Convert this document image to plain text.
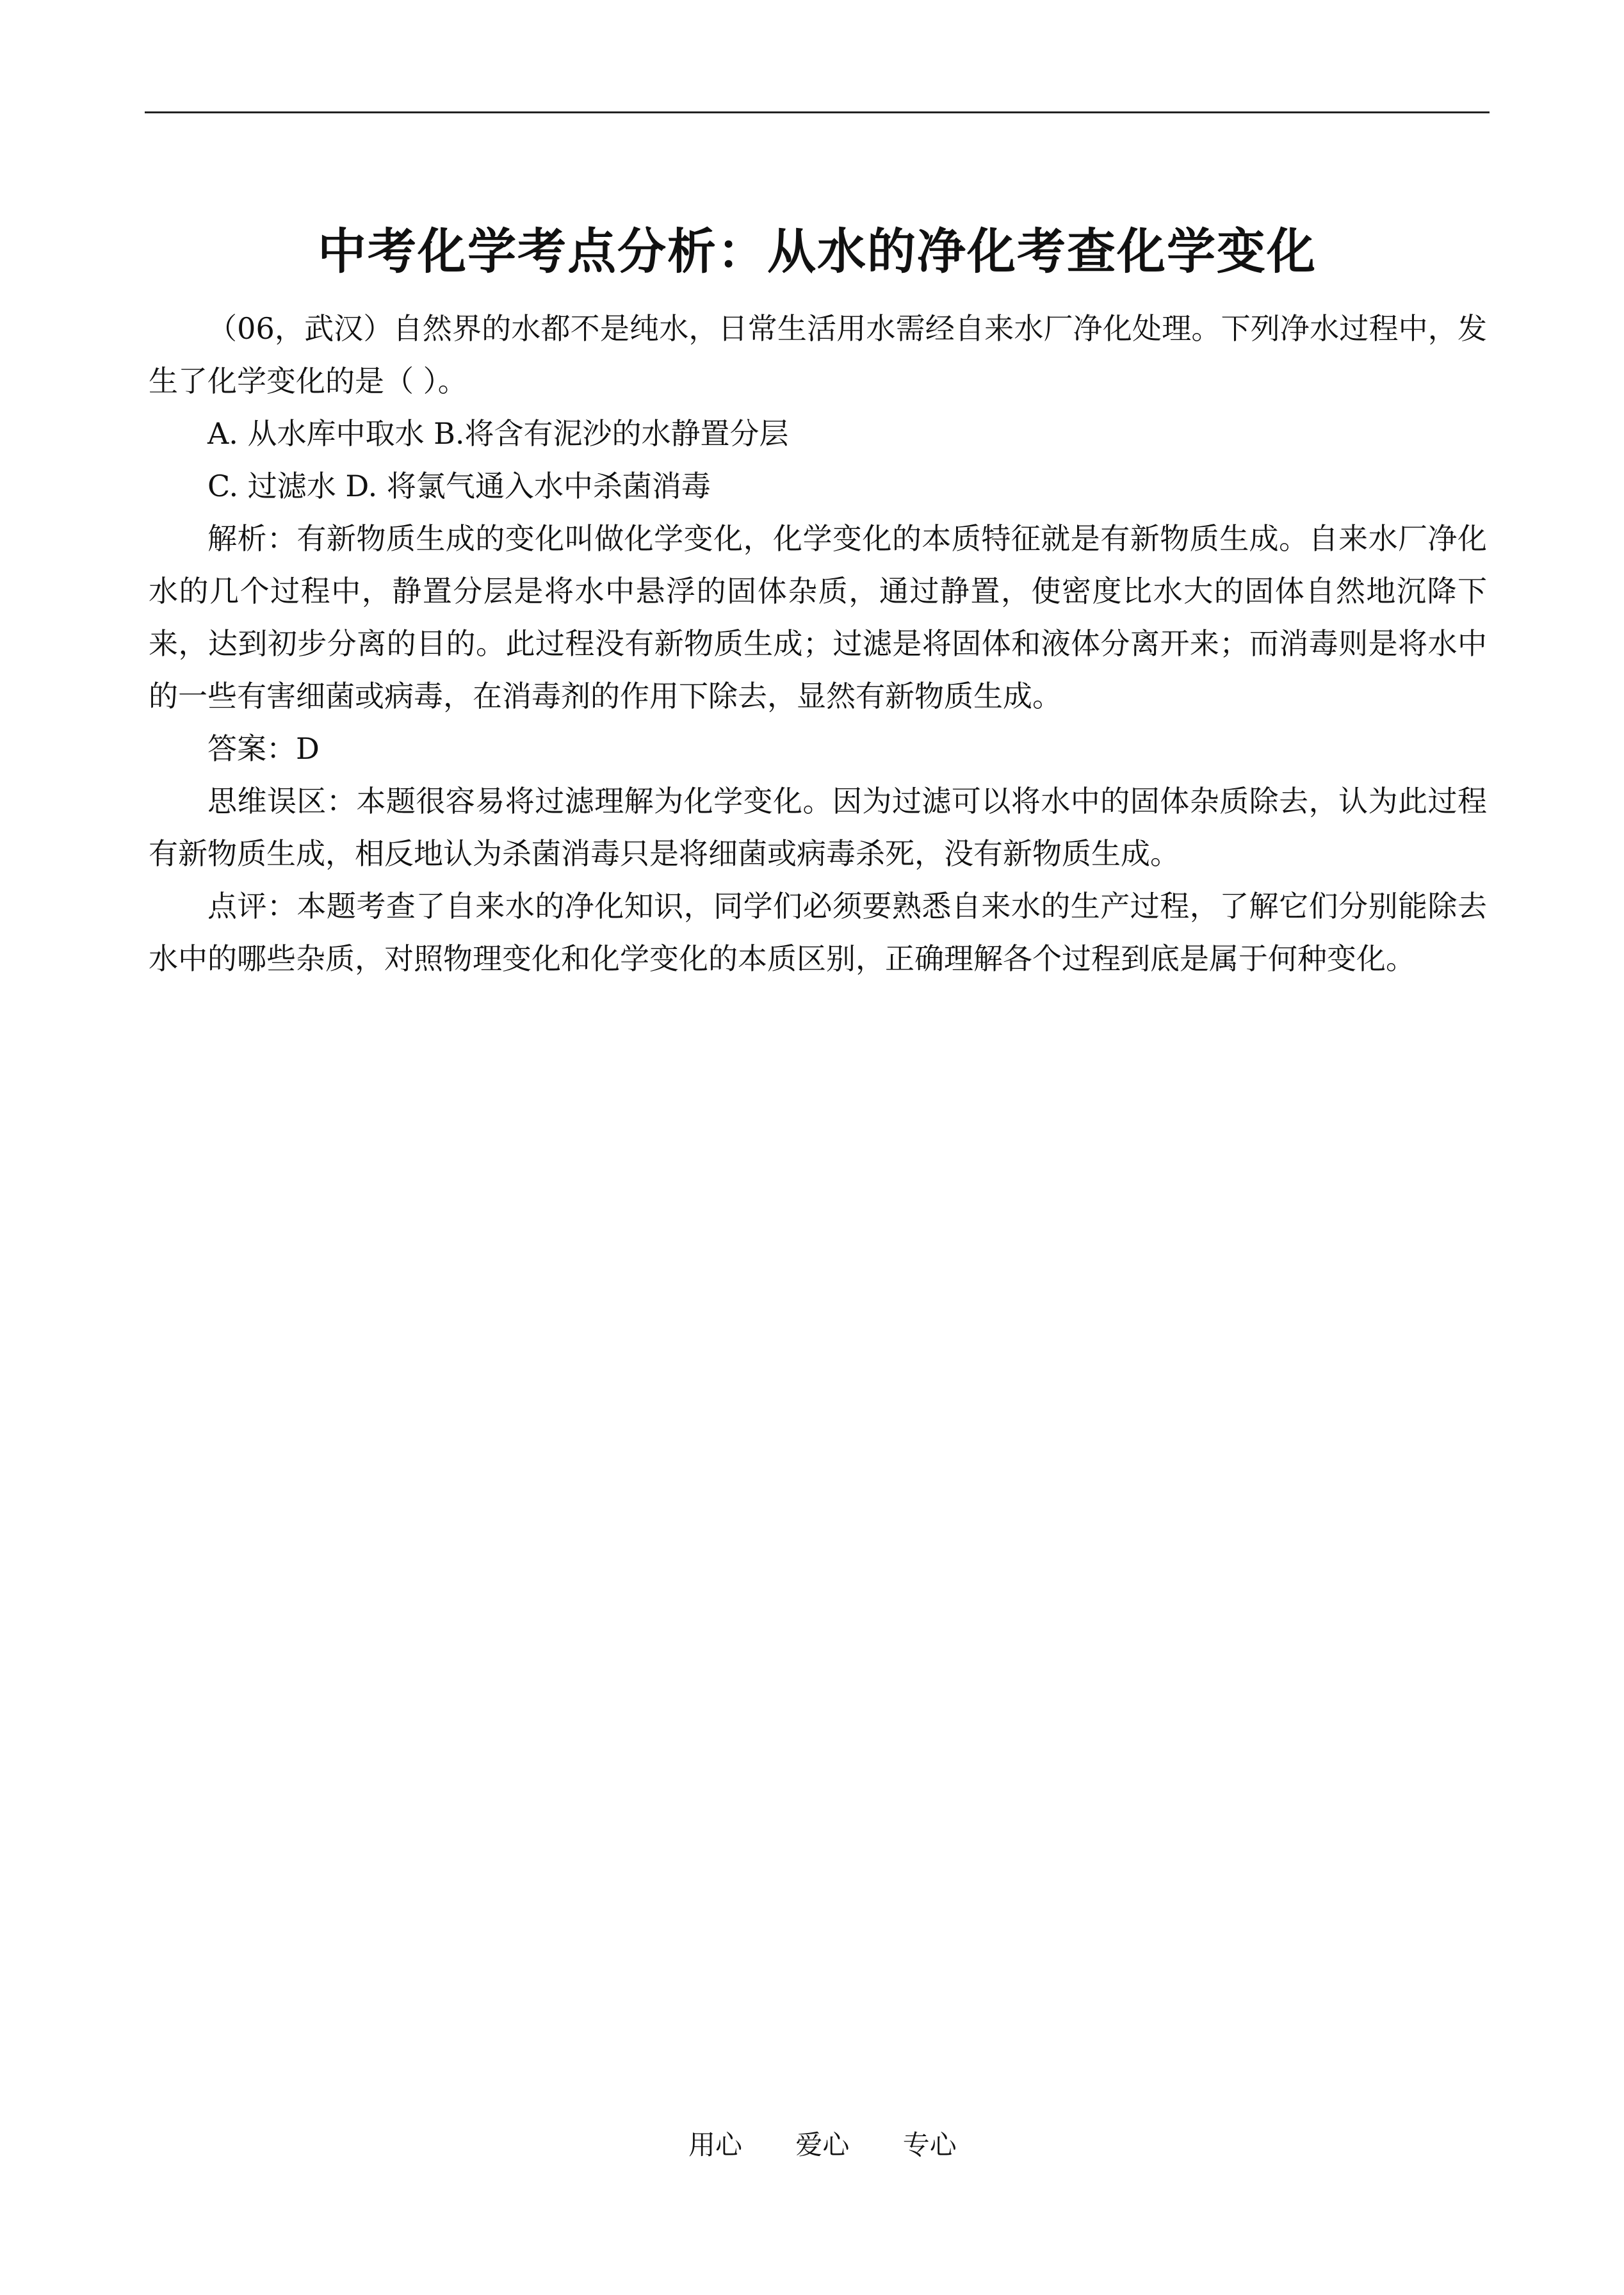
中考化学考点分析：从水的净化考查化学变化

（06，武汉）自然界的水都不是纯水，日常生活用水需经自来水厂净化处理。下列净水过程中，发生了化学变化的是（ ）。

A. 从水库中取水 B.将含有泥沙的水静置分层

C. 过滤水 D. 将氯气通入水中杀菌消毒

解析：有新物质生成的变化叫做化学变化，化学变化的本质特征就是有新物质生成。自来水厂净化水的几个过程中，静置分层是将水中悬浮的固体杂质，通过静置，使密度比水大的固体自然地沉降下来，达到初步分离的目的。此过程没有新物质生成；过滤是将固体和液体分离开来；而消毒则是将水中的一些有害细菌或病毒，在消毒剂的作用下除去，显然有新物质生成。

答案：D

思维误区：本题很容易将过滤理解为化学变化。因为过滤可以将水中的固体杂质除去，认为此过程有新物质生成，相反地认为杀菌消毒只是将细菌或病毒杀死，没有新物质生成。

点评：本题考查了自来水的净化知识，同学们必须要熟悉自来水的生产过程，了解它们分别能除去水中的哪些杂质，对照物理变化和化学变化的本质区别，正确理解各个过程到底是属于何种变化。

用心 爱心 专心
